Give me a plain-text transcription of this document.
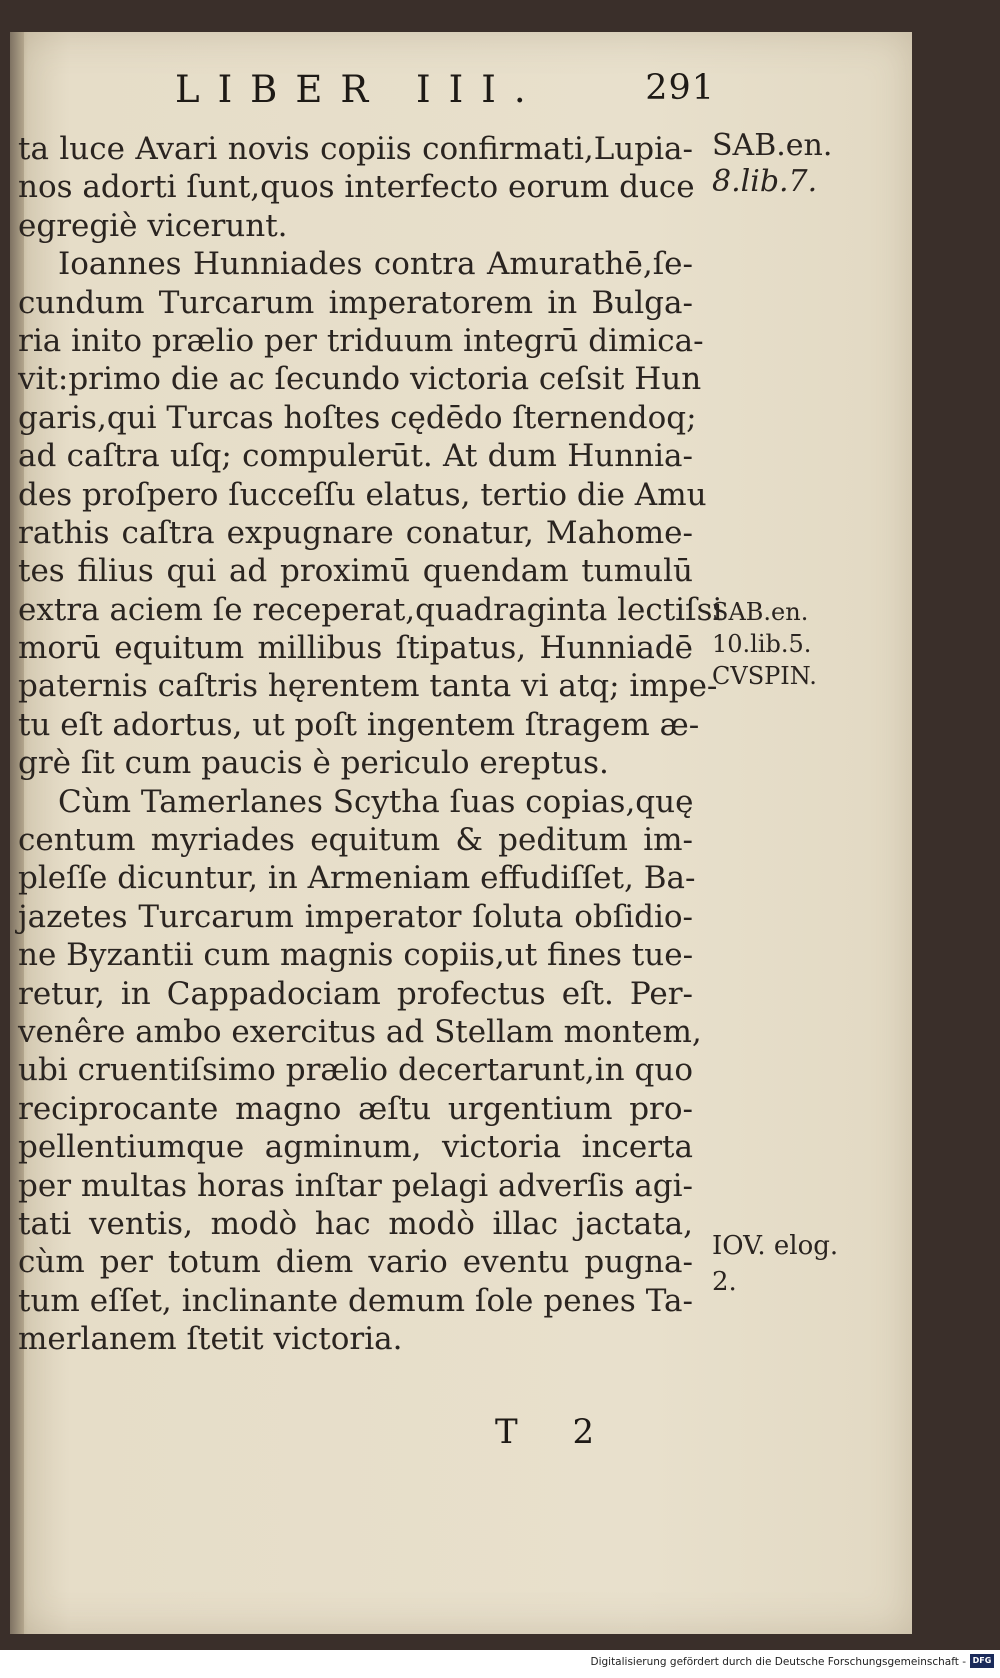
LIBER III.	291
ta luce Avari novis copiis confirmati,Lupia-
nos adorti ſunt,quos interfecto eorum duce
egregiè vicerunt.
Ioannes Hunniades contra Amurathē,ſe-
cundum Turcarum imperatorem in Bulga-
ria inito prælio per triduum integrū dimica-
vit:primo die ac ſecundo victoria ceſsit Hun
garis,qui Turcas hoſtes cędēdo ſternendoq;
ad caſtra uſq; compulerūt. At dum Hunnia-
des proſpero ſucceſſu elatus, tertio die Amu
rathis caſtra expugnare conatur, Mahome-
tes filius qui ad proximū quendam tumulū
extra aciem ſe receperat,quadraginta lectiſsi
morū equitum millibus ſtipatus, Hunniadē
paternis caſtris hęrentem tanta vi atq; impe-
tu eſt adortus, ut poſt ingentem ſtragem æ-
grè ſit cum paucis è periculo ereptus.
Cùm Tamerlanes Scytha ſuas copias,quę
centum myriades equitum & peditum im-
pleſſe dicuntur, in Armeniam effudiſſet, Ba-
jazetes Turcarum imperator ſoluta obſidio-
ne Byzantii cum magnis copiis,ut fines tue-
retur, in Cappadociam profectus eſt. Per-
venêre ambo exercitus ad Stellam montem,
ubi cruentiſsimo prælio decertarunt,in quo
reciprocante magno æſtu urgentium pro-
pellentiumque agminum, victoria incerta
per multas horas inſtar pelagi adverſis agi-
tati ventis, modò hac modò illac jactata,
cùm per totum diem vario eventu pugna-
tum eſſet, inclinante demum ſole penes Ta-
merlanem ſtetit victoria.
SAB.en.
8.lib.7.
SAB.en.
10.lib.5.
CVSPIN.
IOV. elog.
2.
T 2
Digitalisierung gefördert durch die Deutsche Forschungsgemeinschaft - DFG
